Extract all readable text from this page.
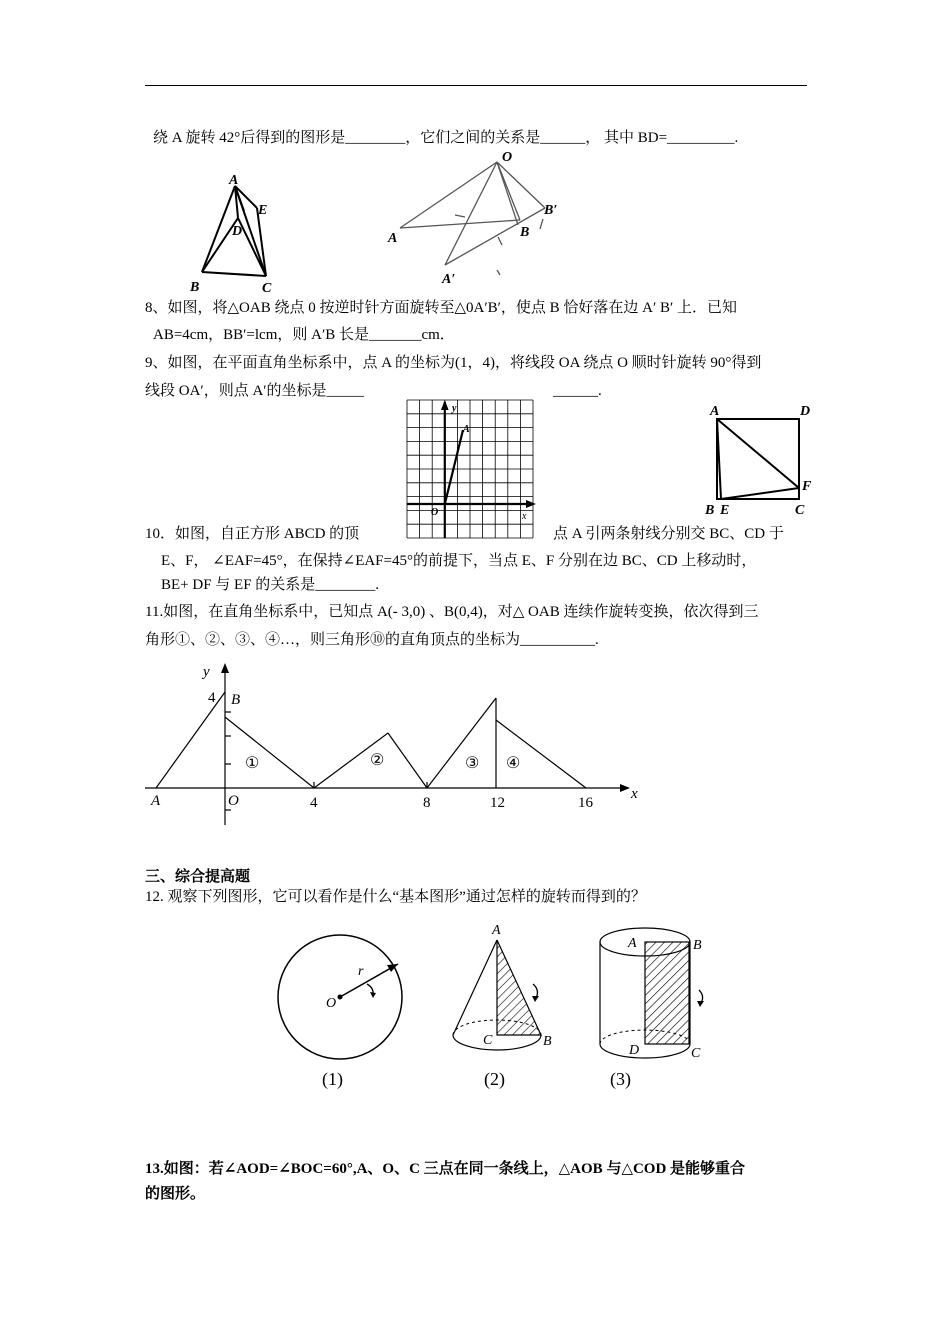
绕 A 旋转 42°后得到的图形是________，它们之间的关系是______， 其中 BD=_________.
8、如图，将△OAB 绕点 0 按逆时针方面旋转至△0A′B′，使点 B 恰好落在边 A′ B′ 上．已知
AB=4cm，BB′=lcm，则 A′B 长是_______cm．
9、如图，在平面直角坐标系中，点 A 的坐标为(1，4)，将线段 OA 绕点 O 顺时针旋转 90°得到
线段 OA′，则点 A′的坐标是_____	______.
10．如图，自正方形 ABCD 的顶	点 A 引两条射线分别交 BC、CD 于
E、F， ∠EAF=45°，在保持∠EAF=45°的前提下，当点 E、F 分别在边 BC、CD 上移动时，
BE+ DF 与 EF 的关系是________.
11.如图，在直角坐标系中，已知点 A(- 3,0) 、B(0,4)，对△ OAB 连续作旋转变换，依次得到三
角形①、②、③、④…，则三角形⑩的直角顶点的坐标为__________.
三、综合提高题
12. 观察下列图形，它可以看作是什么“基本图形”通过怎样的旋转而得到的？
13.如图：若∠AOD=∠BOC=60°,A、O、C 三点在同一条线上，△AOB 与△COD 是能够重合
的图形。
A
E
D
B	C
O
A	B
B′
A′
y
A
O	x
A	D
F
B E	C
y
4 B
A	O	4	8	12	16
x
①	②	③ ④
r
O
(1)
A
C	B
(2)
A	B
D	C
(3)
